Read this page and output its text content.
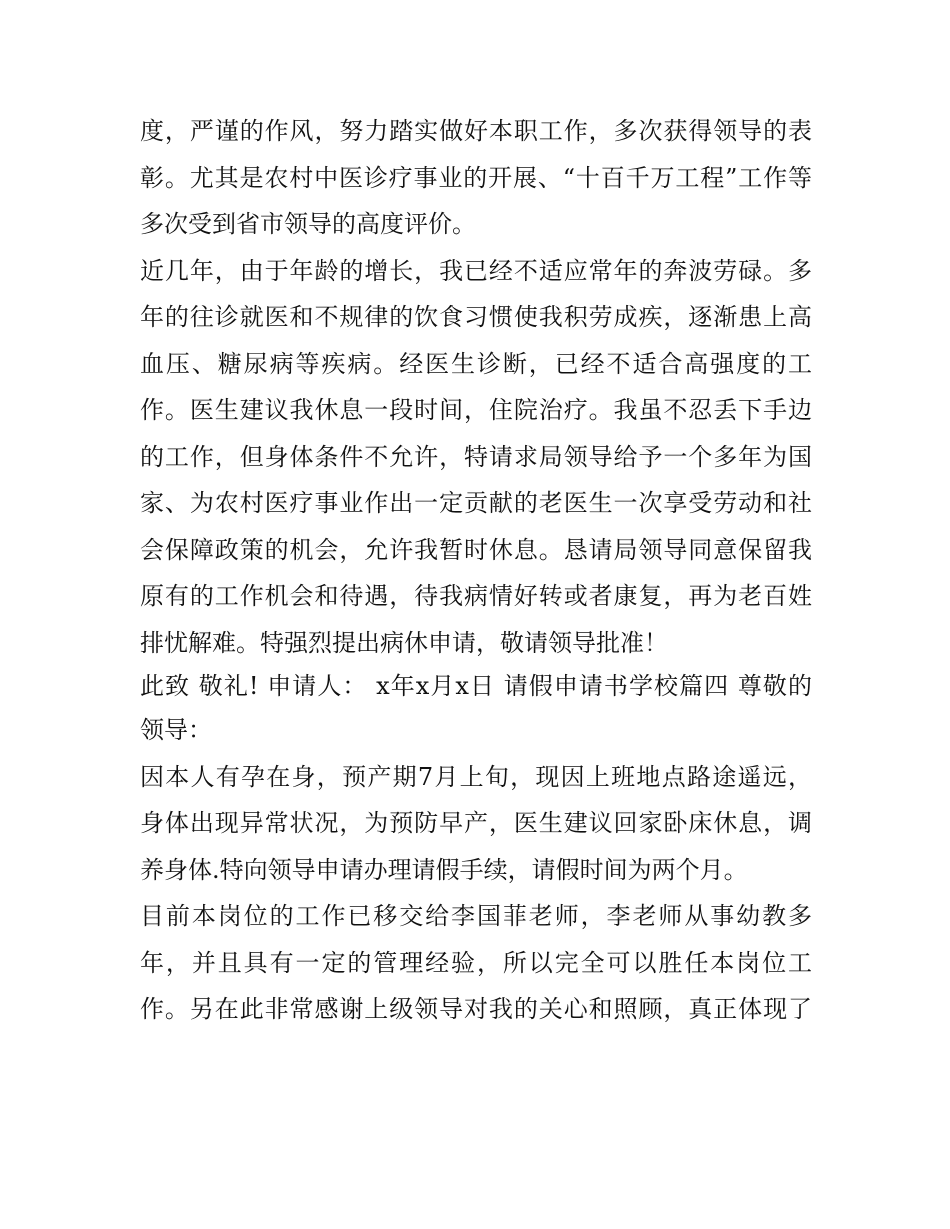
度，严谨的作风，努力踏实做好本职工作，多次获得领导的表
彰。尤其是农村中医诊疗事业的开展、“十百千万工程”工作等
多次受到省市领导的高度评价。
近几年，由于年龄的增长，我已经不适应常年的奔波劳碌。多
年的往诊就医和不规律的饮食习惯使我积劳成疾，逐渐患上高
血压、糖尿病等疾病。经医生诊断，已经不适合高强度的工
作。医生建议我休息一段时间，住院治疗。我虽不忍丢下手边
的工作，但身体条件不允许，特请求局领导给予一个多年为国
家、为农村医疗事业作出一定贡献的老医生一次享受劳动和社
会保障政策的机会，允许我暂时休息。恳请局领导同意保留我
原有的工作机会和待遇，待我病情好转或者康复，再为老百姓
排忧解难。特强烈提出病休申请，敬请领导批准！
此致 敬礼! 申请人： x年x月x日 请假申请书学校篇四 尊敬的
领导：
因本人有孕在身，预产期7月上旬，现因上班地点路途遥远，
身体出现异常状况，为预防早产，医生建议回家卧床休息，调
养身体.特向领导申请办理请假手续，请假时间为两个月。
目前本岗位的工作已移交给李国菲老师，李老师从事幼教多
年，并且具有一定的管理经验，所以完全可以胜任本岗位工
作。另在此非常感谢上级领导对我的关心和照顾，真正体现了
